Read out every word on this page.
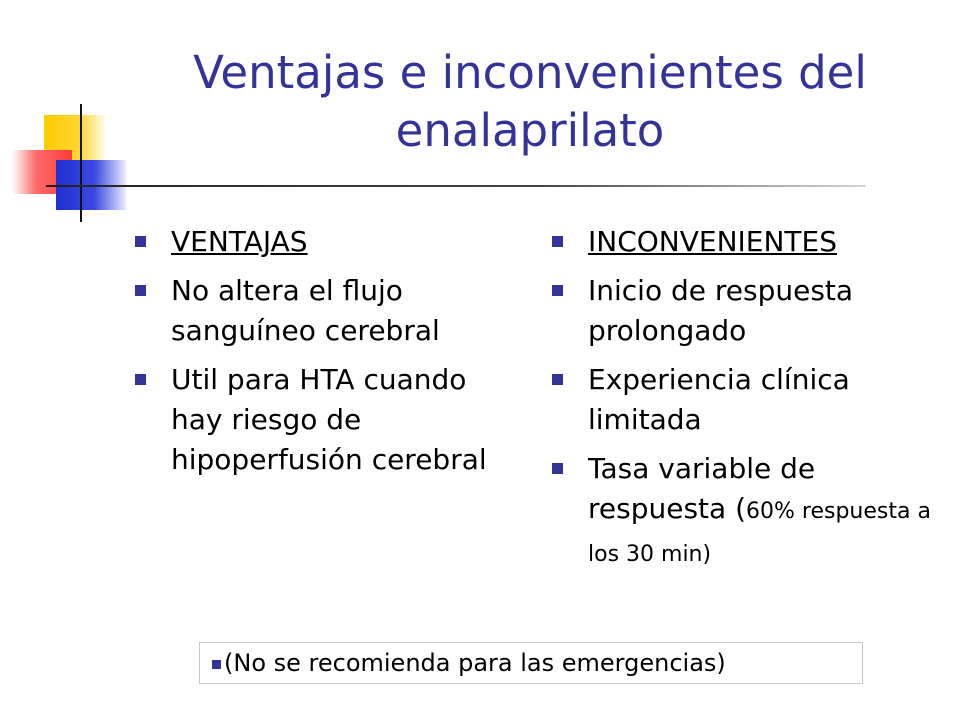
Ventajas e inconvenientes del enalaprilato
VENTAJAS
No altera el flujo sanguíneo cerebral
Util para HTA cuando hay riesgo de hipoperfusión cerebral
INCONVENIENTES
Inicio de respuesta prolongado
Experiencia clínica limitada
Tasa variable de respuesta (60% respuesta a los 30 min)
(No se recomienda para las emergencias)
